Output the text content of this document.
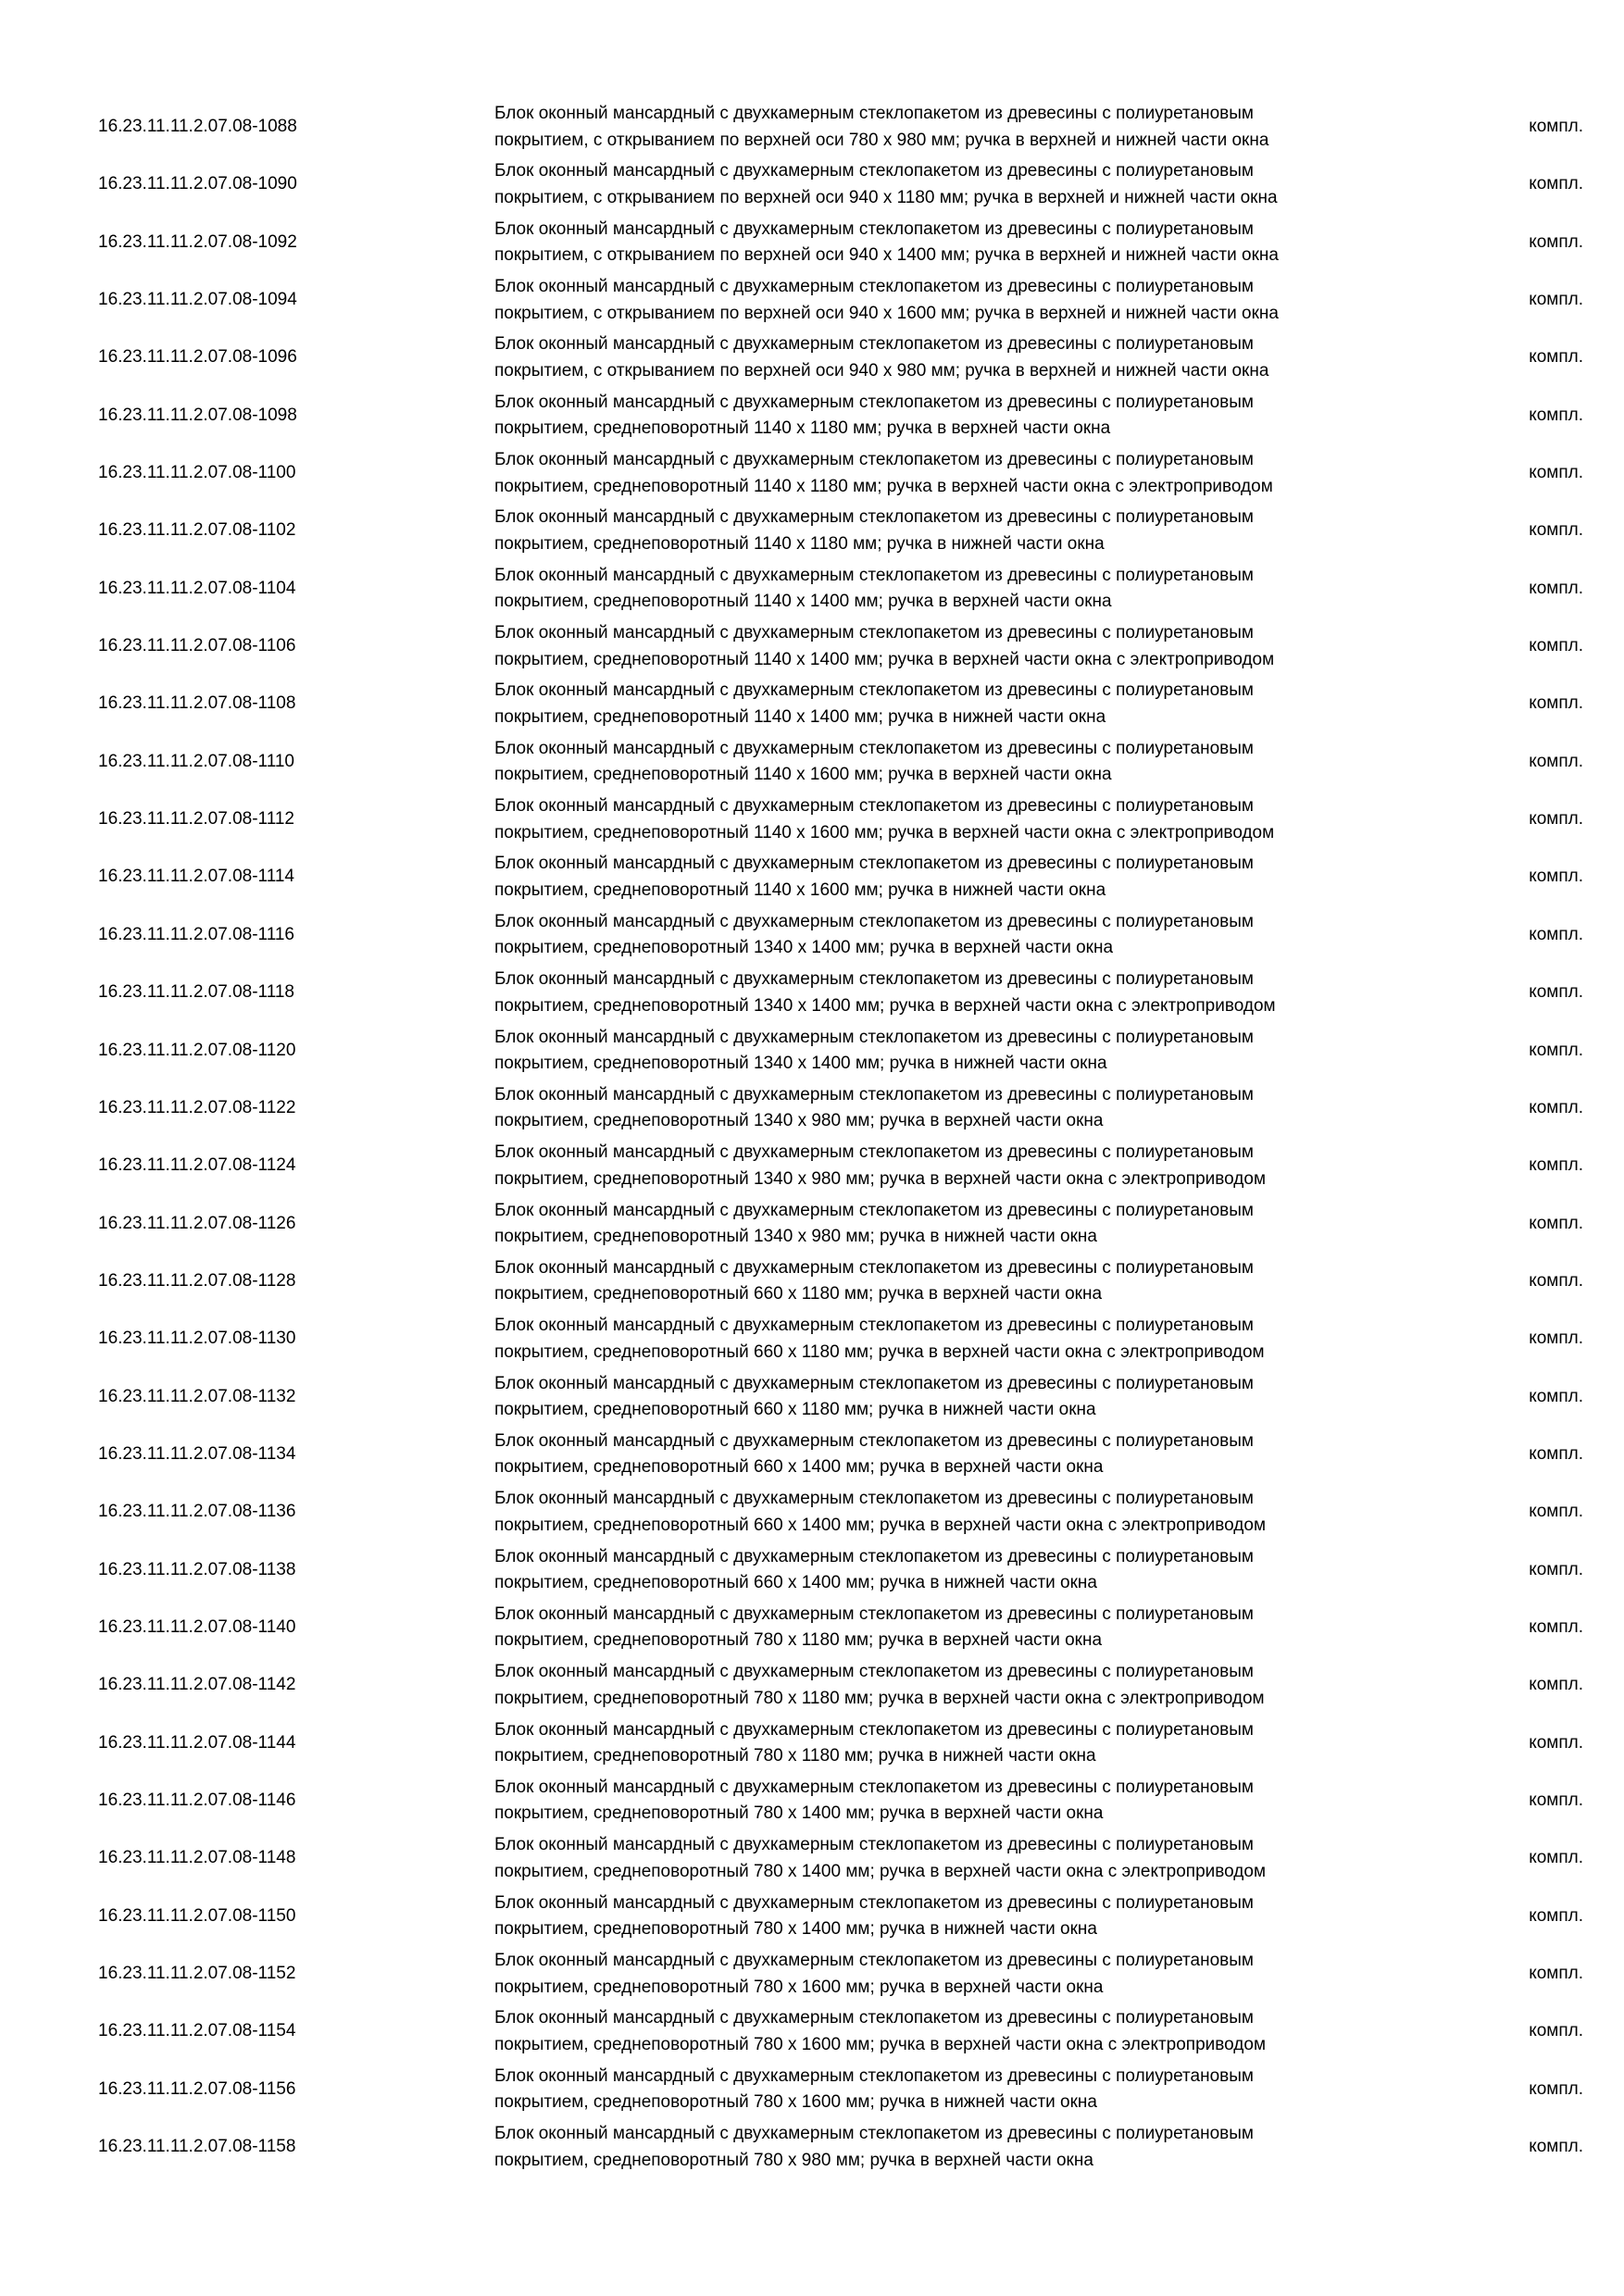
16.23.11.11.2.07.08-1088
Блок оконный мансардный с двухкамерным стеклопакетом из древесины с полиуретановым
покрытием, с открыванием по верхней оси 780 х 980 мм; ручка в верхней и нижней части окна
компл.
16.23.11.11.2.07.08-1090
Блок оконный мансардный с двухкамерным стеклопакетом из древесины с полиуретановым
покрытием, с открыванием по верхней оси 940 х 1180 мм; ручка в верхней и нижней части окна
компл.
16.23.11.11.2.07.08-1092
Блок оконный мансардный с двухкамерным стеклопакетом из древесины с полиуретановым
покрытием, с открыванием по верхней оси 940 х 1400 мм; ручка в верхней и нижней части окна
компл.
16.23.11.11.2.07.08-1094
Блок оконный мансардный с двухкамерным стеклопакетом из древесины с полиуретановым
покрытием, с открыванием по верхней оси 940 х 1600 мм; ручка в верхней и нижней части окна
компл.
16.23.11.11.2.07.08-1096
Блок оконный мансардный с двухкамерным стеклопакетом из древесины с полиуретановым
покрытием, с открыванием по верхней оси 940 х 980 мм; ручка в верхней и нижней части окна
компл.
16.23.11.11.2.07.08-1098
Блок оконный мансардный с двухкамерным стеклопакетом из древесины с полиуретановым
покрытием, среднеповоротный 1140 х 1180 мм; ручка в верхней части окна
компл.
16.23.11.11.2.07.08-1100
Блок оконный мансардный с двухкамерным стеклопакетом из древесины с полиуретановым
покрытием, среднеповоротный 1140 х 1180 мм; ручка в верхней части окна с электроприводом
компл.
16.23.11.11.2.07.08-1102
Блок оконный мансардный с двухкамерным стеклопакетом из древесины с полиуретановым
покрытием, среднеповоротный 1140 х 1180 мм; ручка в нижней части окна
компл.
16.23.11.11.2.07.08-1104
Блок оконный мансардный с двухкамерным стеклопакетом из древесины с полиуретановым
покрытием, среднеповоротный 1140 х 1400 мм; ручка в верхней части окна
компл.
16.23.11.11.2.07.08-1106
Блок оконный мансардный с двухкамерным стеклопакетом из древесины с полиуретановым
покрытием, среднеповоротный 1140 х 1400 мм; ручка в верхней части окна с электроприводом
компл.
16.23.11.11.2.07.08-1108
Блок оконный мансардный с двухкамерным стеклопакетом из древесины с полиуретановым
покрытием, среднеповоротный 1140 х 1400 мм; ручка в нижней части окна
компл.
16.23.11.11.2.07.08-1110
Блок оконный мансардный с двухкамерным стеклопакетом из древесины с полиуретановым
покрытием, среднеповоротный 1140 х 1600 мм; ручка в верхней части окна
компл.
16.23.11.11.2.07.08-1112
Блок оконный мансардный с двухкамерным стеклопакетом из древесины с полиуретановым
покрытием, среднеповоротный 1140 х 1600 мм; ручка в верхней части окна с электроприводом
компл.
16.23.11.11.2.07.08-1114
Блок оконный мансардный с двухкамерным стеклопакетом из древесины с полиуретановым
покрытием, среднеповоротный 1140 х 1600 мм; ручка в нижней части окна
компл.
16.23.11.11.2.07.08-1116
Блок оконный мансардный с двухкамерным стеклопакетом из древесины с полиуретановым
покрытием, среднеповоротный 1340 х 1400 мм; ручка в верхней части окна
компл.
16.23.11.11.2.07.08-1118
Блок оконный мансардный с двухкамерным стеклопакетом из древесины с полиуретановым
покрытием, среднеповоротный 1340 х 1400 мм; ручка в верхней части окна с электроприводом
компл.
16.23.11.11.2.07.08-1120
Блок оконный мансардный с двухкамерным стеклопакетом из древесины с полиуретановым
покрытием, среднеповоротный 1340 х 1400 мм; ручка в нижней части окна
компл.
16.23.11.11.2.07.08-1122
Блок оконный мансардный с двухкамерным стеклопакетом из древесины с полиуретановым
покрытием, среднеповоротный 1340 х 980 мм; ручка в верхней части окна
компл.
16.23.11.11.2.07.08-1124
Блок оконный мансардный с двухкамерным стеклопакетом из древесины с полиуретановым
покрытием, среднеповоротный 1340 х 980 мм; ручка в верхней части окна с электроприводом
компл.
16.23.11.11.2.07.08-1126
Блок оконный мансардный с двухкамерным стеклопакетом из древесины с полиуретановым
покрытием, среднеповоротный 1340 х 980 мм; ручка в нижней части окна
компл.
16.23.11.11.2.07.08-1128
Блок оконный мансардный с двухкамерным стеклопакетом из древесины с полиуретановым
покрытием, среднеповоротный 660 х 1180 мм; ручка в верхней части окна
компл.
16.23.11.11.2.07.08-1130
Блок оконный мансардный с двухкамерным стеклопакетом из древесины с полиуретановым
покрытием, среднеповоротный 660 х 1180 мм; ручка в верхней части окна с электроприводом
компл.
16.23.11.11.2.07.08-1132
Блок оконный мансардный с двухкамерным стеклопакетом из древесины с полиуретановым
покрытием, среднеповоротный 660 х 1180 мм; ручка в нижней части окна
компл.
16.23.11.11.2.07.08-1134
Блок оконный мансардный с двухкамерным стеклопакетом из древесины с полиуретановым
покрытием, среднеповоротный 660 х 1400 мм; ручка в верхней части окна
компл.
16.23.11.11.2.07.08-1136
Блок оконный мансардный с двухкамерным стеклопакетом из древесины с полиуретановым
покрытием, среднеповоротный 660 х 1400 мм; ручка в верхней части окна с электроприводом
компл.
16.23.11.11.2.07.08-1138
Блок оконный мансардный с двухкамерным стеклопакетом из древесины с полиуретановым
покрытием, среднеповоротный 660 х 1400 мм; ручка в нижней части окна
компл.
16.23.11.11.2.07.08-1140
Блок оконный мансардный с двухкамерным стеклопакетом из древесины с полиуретановым
покрытием, среднеповоротный 780 х 1180 мм; ручка в верхней части окна
компл.
16.23.11.11.2.07.08-1142
Блок оконный мансардный с двухкамерным стеклопакетом из древесины с полиуретановым
покрытием, среднеповоротный 780 х 1180 мм; ручка в верхней части окна с электроприводом
компл.
16.23.11.11.2.07.08-1144
Блок оконный мансардный с двухкамерным стеклопакетом из древесины с полиуретановым
покрытием, среднеповоротный 780 х 1180 мм; ручка в нижней части окна
компл.
16.23.11.11.2.07.08-1146
Блок оконный мансардный с двухкамерным стеклопакетом из древесины с полиуретановым
покрытием, среднеповоротный 780 х 1400 мм; ручка в верхней части окна
компл.
16.23.11.11.2.07.08-1148
Блок оконный мансардный с двухкамерным стеклопакетом из древесины с полиуретановым
покрытием, среднеповоротный 780 х 1400 мм; ручка в верхней части окна с электроприводом
компл.
16.23.11.11.2.07.08-1150
Блок оконный мансардный с двухкамерным стеклопакетом из древесины с полиуретановым
покрытием, среднеповоротный 780 х 1400 мм; ручка в нижней части окна
компл.
16.23.11.11.2.07.08-1152
Блок оконный мансардный с двухкамерным стеклопакетом из древесины с полиуретановым
покрытием, среднеповоротный 780 х 1600 мм; ручка в верхней части окна
компл.
16.23.11.11.2.07.08-1154
Блок оконный мансардный с двухкамерным стеклопакетом из древесины с полиуретановым
покрытием, среднеповоротный 780 х 1600 мм; ручка в верхней части окна с электроприводом
компл.
16.23.11.11.2.07.08-1156
Блок оконный мансардный с двухкамерным стеклопакетом из древесины с полиуретановым
покрытием, среднеповоротный 780 х 1600 мм; ручка в нижней части окна
компл.
16.23.11.11.2.07.08-1158
Блок оконный мансардный с двухкамерным стеклопакетом из древесины с полиуретановым
покрытием, среднеповоротный 780 х 980 мм; ручка в верхней части окна
компл.
